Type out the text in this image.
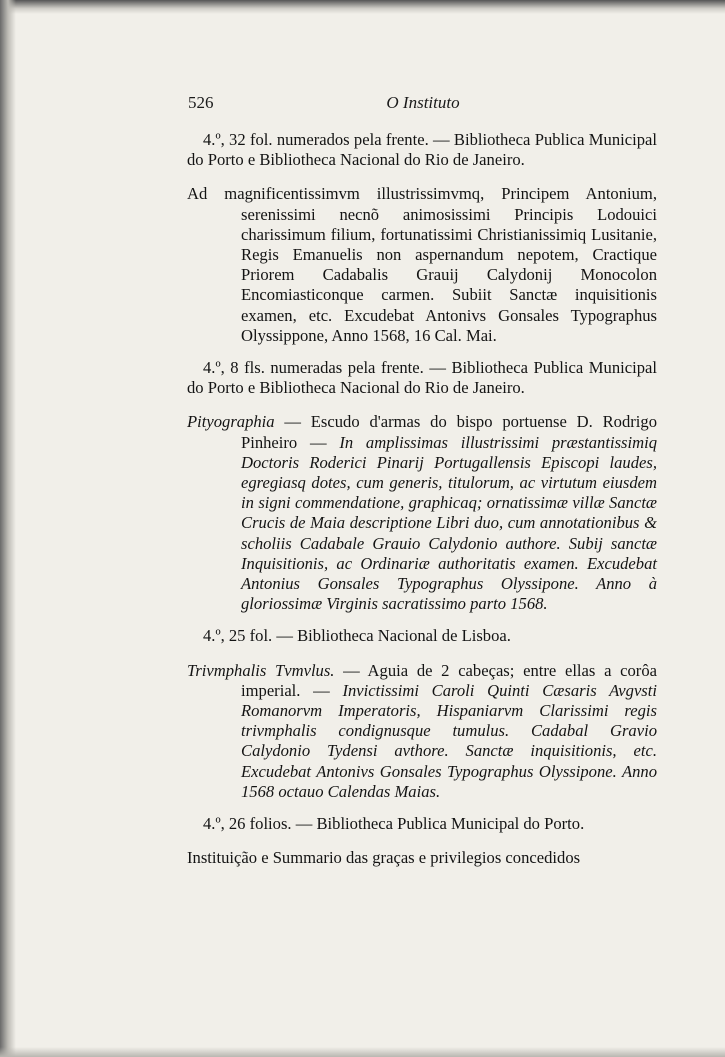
526	O Instituto

4.º, 32 fol. numerados pela frente. — Bibliotheca Publica Municipal do Porto e Bibliotheca Nacional do Rio de Janeiro.

Ad magnificentissimvm illustrissimvmq, Principem Antonium, serenissimi necnõ animosissimi Principis Lodouici charissimum filium, fortunatissimi Christianissimiq Lusitanie, Regis Emanuelis non aspernandum nepotem, Cractique Priorem Cadabalis Grauij Calydonij Monocolon Encomiasticonque carmen. Subiit Sanctæ inquisitionis examen, etc. Excudebat Antonivs Gonsales Typographus Olyssippone, Anno 1568, 16 Cal. Mai.

4.º, 8 fls. numeradas pela frente. — Bibliotheca Publica Municipal do Porto e Bibliotheca Nacional do Rio de Janeiro.

Pityographia — Escudo d'armas do bispo portuense D. Rodrigo Pinheiro — In amplissimas illustrissimi præstantissimiq Doctoris Roderici Pinarij Portugallensis Episcopi laudes, egregiasq dotes, cum generis, titulorum, ac virtutum eiusdem in signi commendatione, graphicaq; ornatissimæ villæ Sanctæ Crucis de Maia descriptione Libri duo, cum annotationibus & scholiis Cadabale Grauio Calydonio authore. Subij sanctæ Inquisitionis, ac Ordinariæ authoritatis examen. Excudebat Antonius Gonsales Typographus Olyssipone. Anno à gloriossimæ Virginis sacratissimo parto 1568.

4.º, 25 fol. — Bibliotheca Nacional de Lisboa.

Trivmphalis Tvmvlus. — Aguia de 2 cabeças; entre ellas a corôa imperial. — Invictissimi Caroli Quinti Cæsaris Avgvsti Romanorvm Imperatoris, Hispaniarvm Clarissimi regis trivmphalis condignusque tumulus. Cadabal Gravio Calydonio Tydensi avthore. Sanctæ inquisitionis, etc. Excudebat Antonivs Gonsales Typographus Olyssipone. Anno 1568 octauo Calendas Maias.

4.º, 26 folios. — Bibliotheca Publica Municipal do Porto.

Instituição e Summario das graças e privilegios concedidos
